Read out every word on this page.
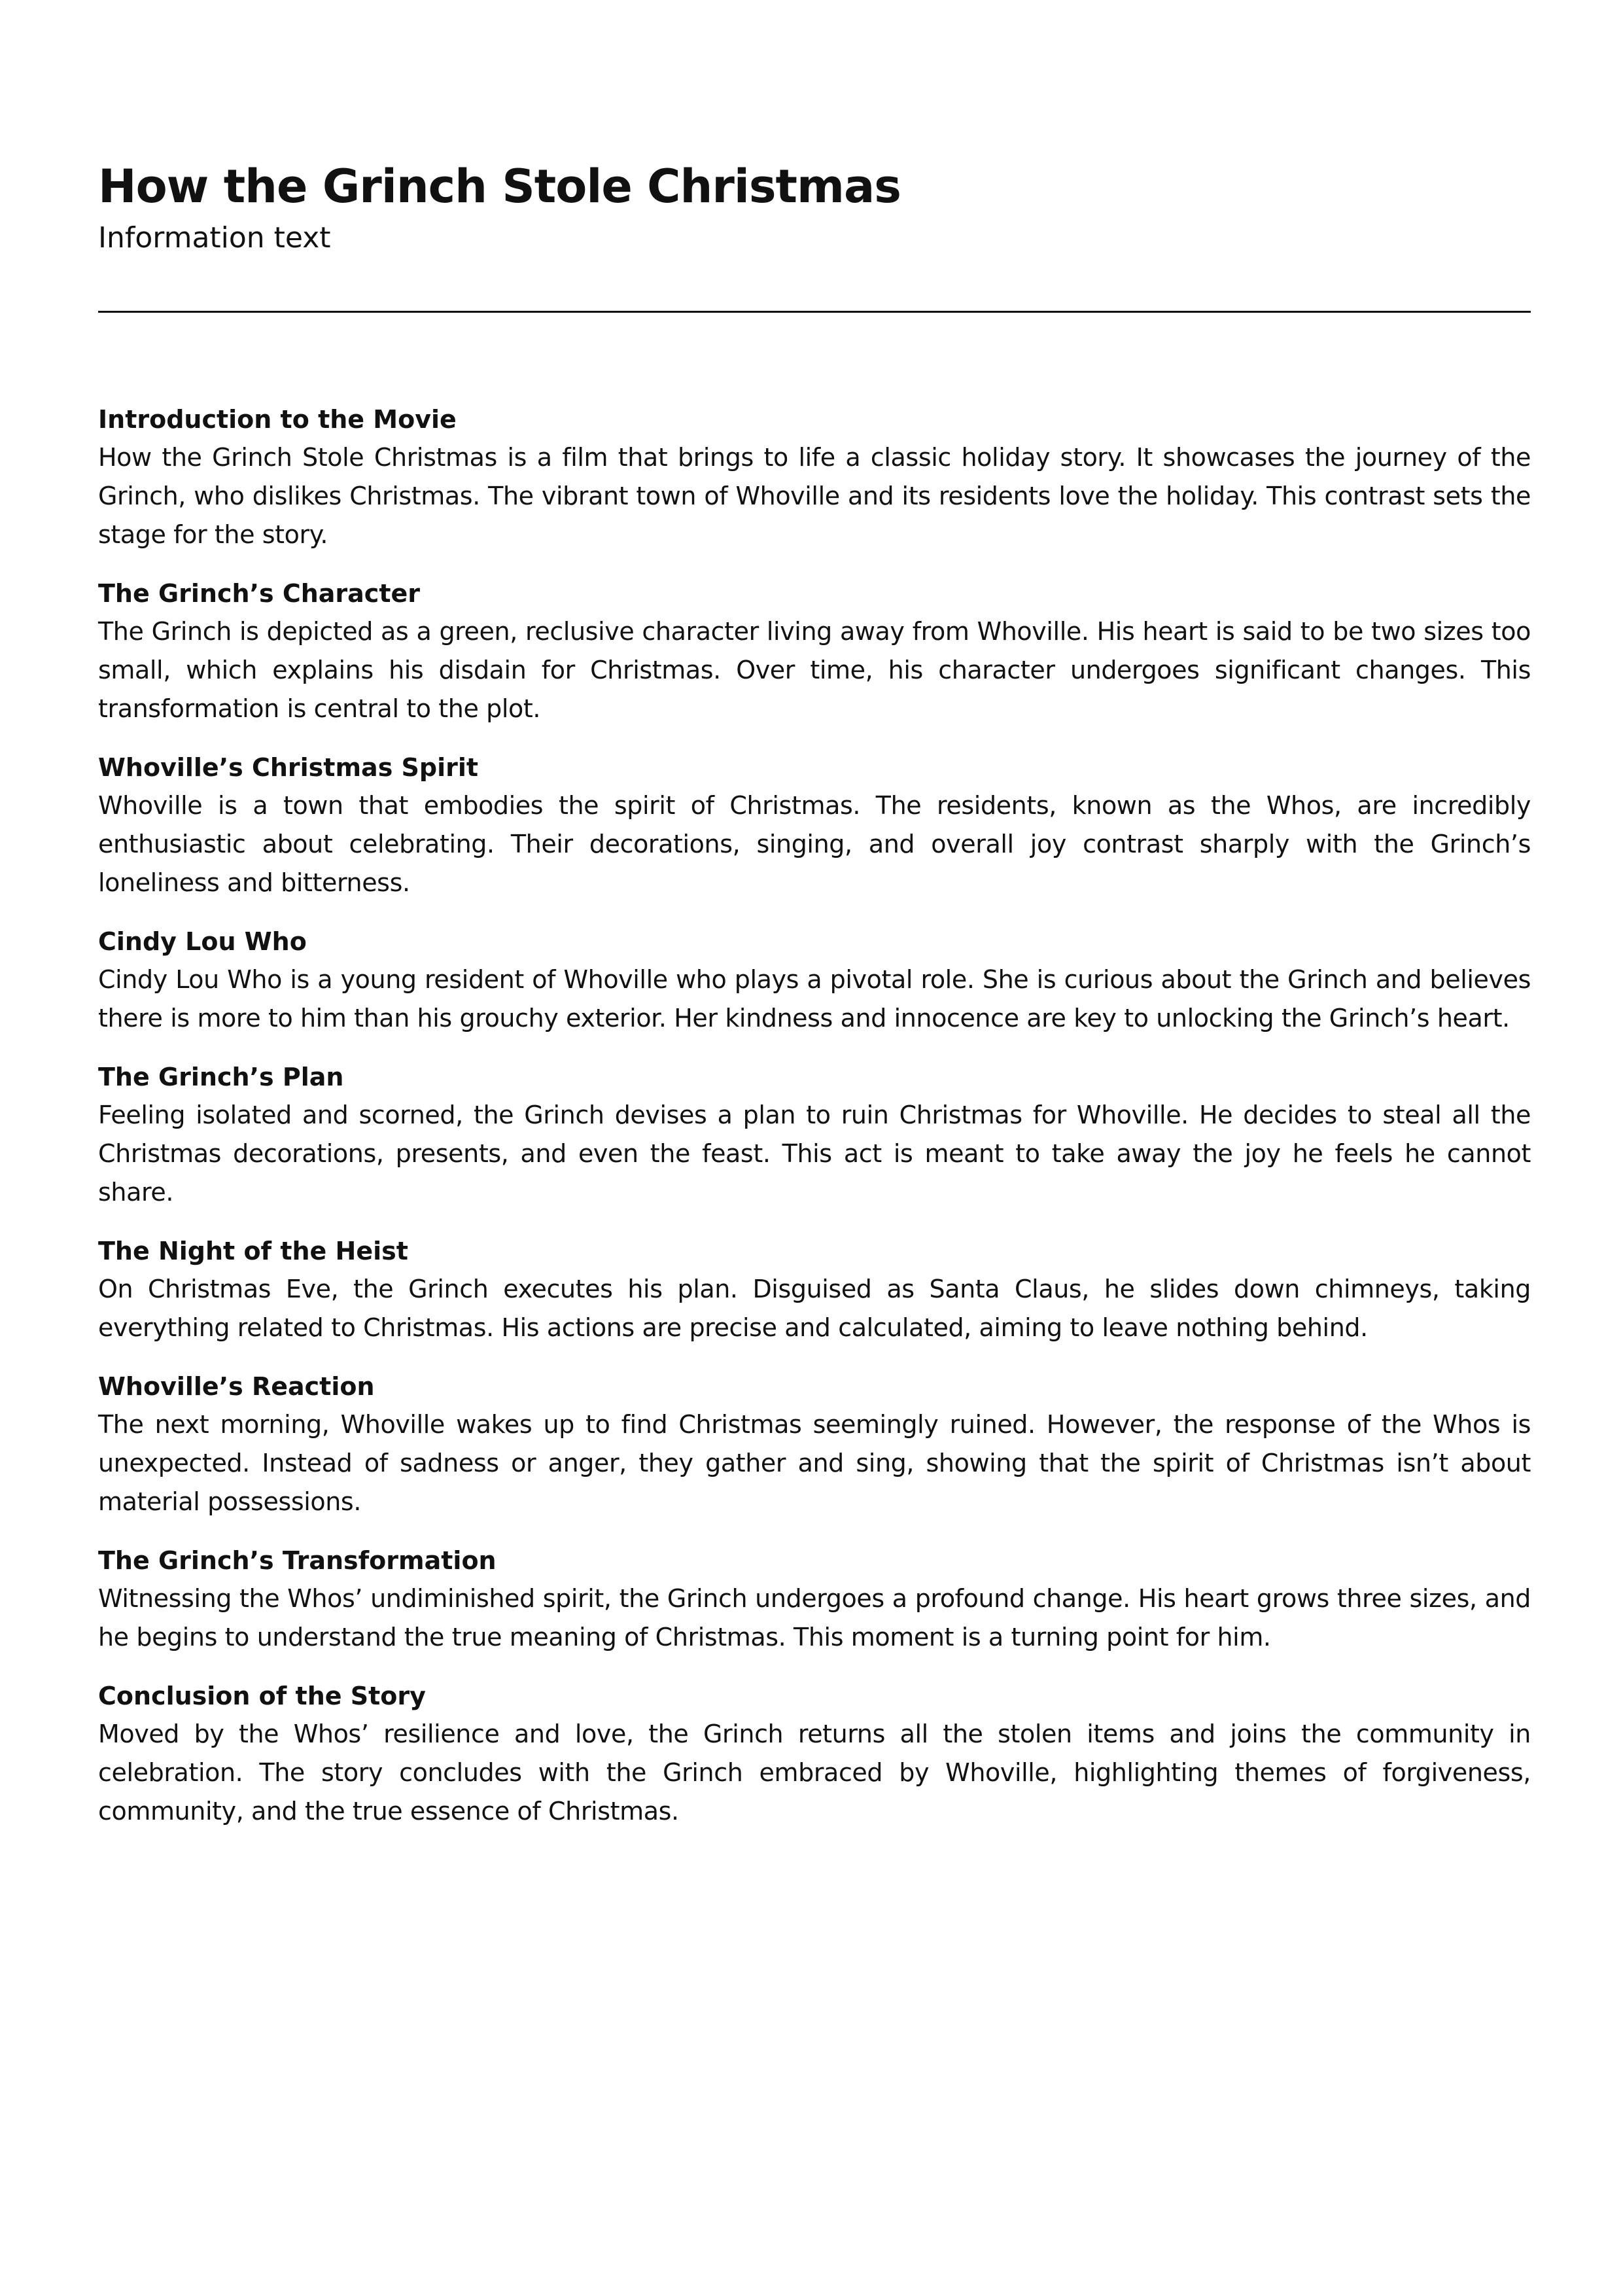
How the Grinch Stole Christmas

Information text

Introduction to the Movie

How the Grinch Stole Christmas is a film that brings to life a classic holiday story. It showcases the journey of the Grinch, who dislikes Christmas. The vibrant town of Whoville and its residents love the holiday. This contrast sets the stage for the story.

The Grinch’s Character

The Grinch is depicted as a green, reclusive character living away from Whoville. His heart is said to be two sizes too small, which explains his disdain for Christmas. Over time, his character undergoes significant changes. This transformation is central to the plot.

Whoville’s Christmas Spirit

Whoville is a town that embodies the spirit of Christmas. The residents, known as the Whos, are incredibly enthusiastic about celebrating. Their decorations, singing, and overall joy contrast sharply with the Grinch’s loneliness and bitterness.

Cindy Lou Who

Cindy Lou Who is a young resident of Whoville who plays a pivotal role. She is curious about the Grinch and believes there is more to him than his grouchy exterior. Her kindness and innocence are key to unlocking the Grinch’s heart.

The Grinch’s Plan

Feeling isolated and scorned, the Grinch devises a plan to ruin Christmas for Whoville. He decides to steal all the Christmas decorations, presents, and even the feast. This act is meant to take away the joy he feels he cannot share.

The Night of the Heist

On Christmas Eve, the Grinch executes his plan. Disguised as Santa Claus, he slides down chimneys, taking everything related to Christmas. His actions are precise and calculated, aiming to leave nothing behind.

Whoville’s Reaction

The next morning, Whoville wakes up to find Christmas seemingly ruined. However, the response of the Whos is unexpected. Instead of sadness or anger, they gather and sing, showing that the spirit of Christmas isn’t about material possessions.

The Grinch’s Transformation

Witnessing the Whos’ undiminished spirit, the Grinch undergoes a profound change. His heart grows three sizes, and he begins to understand the true meaning of Christmas. This moment is a turning point for him.

Conclusion of the Story

Moved by the Whos’ resilience and love, the Grinch returns all the stolen items and joins the community in celebration. The story concludes with the Grinch embraced by Whoville, highlighting themes of forgiveness, community, and the true essence of Christmas.
